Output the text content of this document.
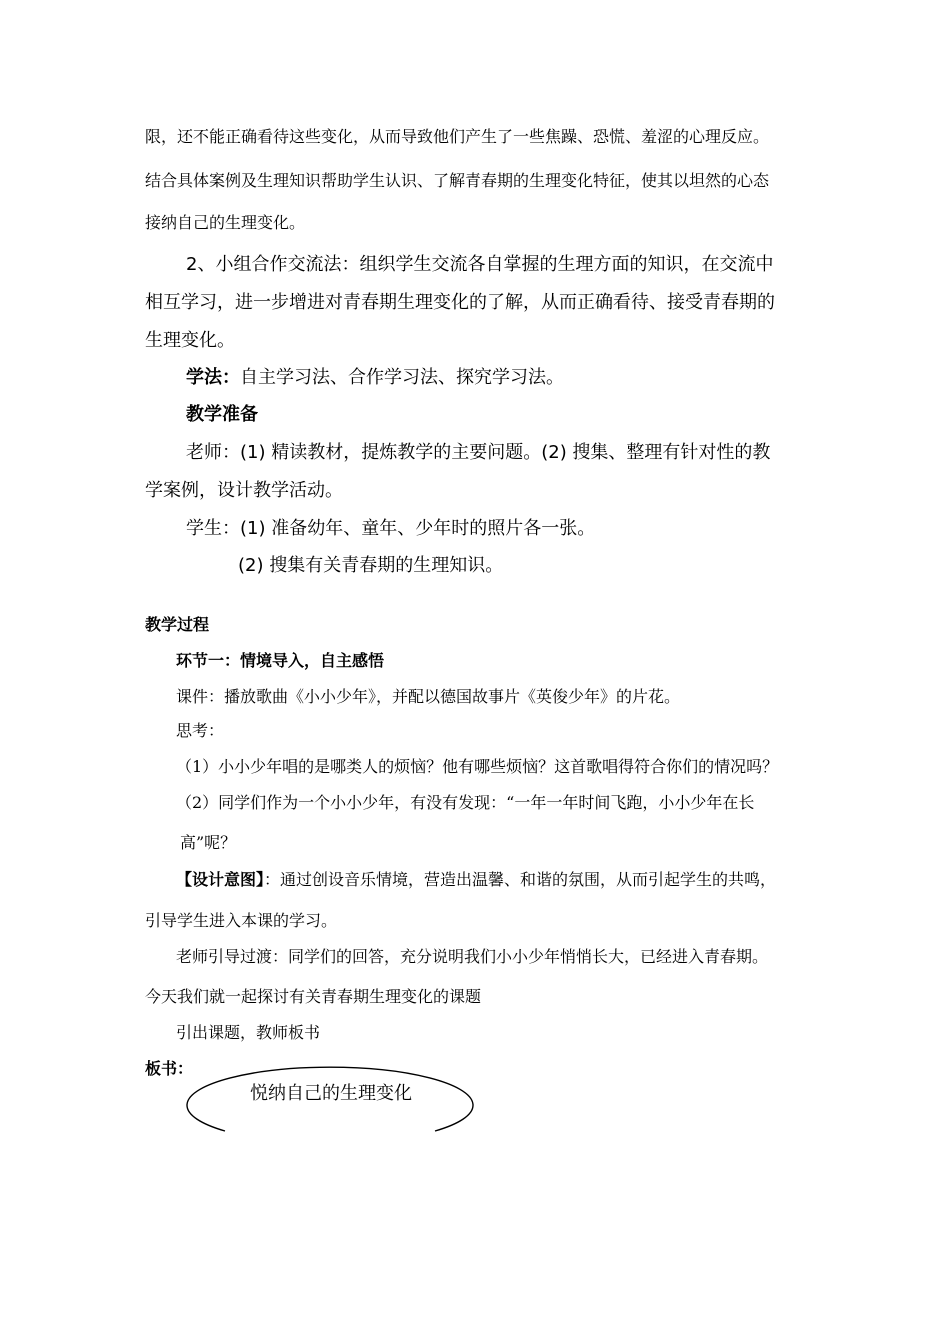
限，还不能正确看待这些变化，从而导致他们产生了一些焦躁、恐慌、羞涩的心理反应。
结合具体案例及生理知识帮助学生认识、了解青春期的生理变化特征，使其以坦然的心态
接纳自己的生理变化。
2、小组合作交流法：组织学生交流各自掌握的生理方面的知识，在交流中
相互学习，进一步增进对青春期生理变化的了解，从而正确看待、接受青春期的
生理变化。
学法：自主学习法、合作学习法、探究学习法。
教学准备
老师：(1) 精读教材，提炼教学的主要问题。(2) 搜集、整理有针对性的教
学案例，设计教学活动。
学生：(1) 准备幼年、童年、少年时的照片各一张。
(2) 搜集有关青春期的生理知识。
教学过程
环节一：情境导入，自主感悟
课件：播放歌曲《小小少年》，并配以德国故事片《英俊少年》的片花。
思考：
（1）小小少年唱的是哪类人的烦恼？他有哪些烦恼？这首歌唱得符合你们的情况吗？
（2）同学们作为一个小小少年，有没有发现：“一年一年时间飞跑，小小少年在长
高”呢？
【设计意图】：通过创设音乐情境，营造出温馨、和谐的氛围，从而引起学生的共鸣，
引导学生进入本课的学习。
老师引导过渡：同学们的回答，充分说明我们小小少年悄悄长大，已经进入青春期。
今天我们就一起探讨有关青春期生理变化的课题
引出课题，教师板书
板书：
悦纳自己的生理变化
